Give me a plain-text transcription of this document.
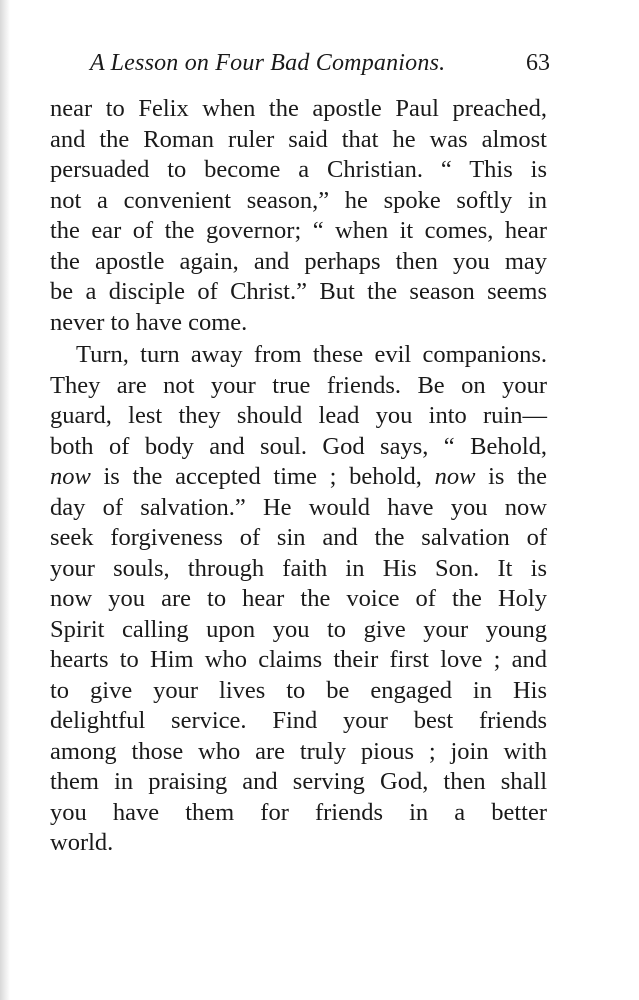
A Lesson on Four Bad Companions.	63

near to Felix when the apostle Paul preached,
and the Roman ruler said that he was almost
persuaded to become a Christian. “ This is
not a convenient season,” he spoke softly in
the ear of the governor; “ when it comes, hear
the apostle again, and perhaps then you may
be a disciple of Christ.” But the season seems
never to have come.

Turn, turn away from these evil companions.
They are not your true friends. Be on your
guard, lest they should lead you into ruin—
both of body and soul. God says, “ Behold,
now is the accepted time ; behold, now is the
day of salvation.” He would have you now
seek forgiveness of sin and the salvation of
your souls, through faith in His Son. It is
now you are to hear the voice of the Holy
Spirit calling upon you to give your young
hearts to Him who claims their first love ; and
to give your lives to be engaged in His
delightful service. Find your best friends
among those who are truly pious ; join with
them in praising and serving God, then shall
you have them for friends in a better
world.
